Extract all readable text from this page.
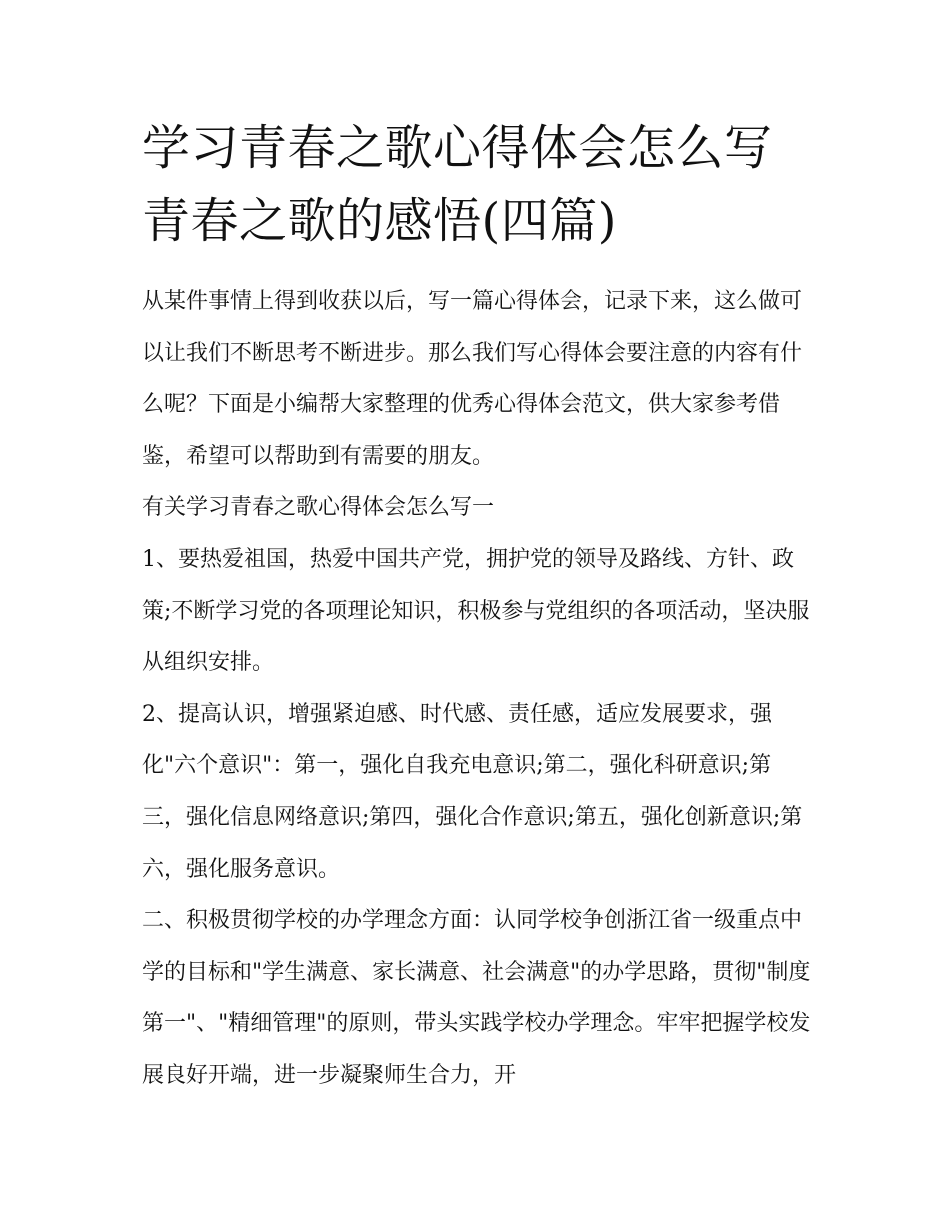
学习青春之歌心得体会怎么写青春之歌的感悟(四篇)

从某件事情上得到收获以后，写一篇心得体会，记录下来，这么做可以让我们不断思考不断进步。那么我们写心得体会要注意的内容有什么呢？下面是小编帮大家整理的优秀心得体会范文，供大家参考借鉴，希望可以帮助到有需要的朋友。

有关学习青春之歌心得体会怎么写一

1、要热爱祖国，热爱中国共产党，拥护党的领导及路线、方针、政策;不断学习党的各项理论知识，积极参与党组织的各项活动，坚决服从组织安排。

2、提高认识，增强紧迫感、时代感、责任感，适应发展要求，强化"六个意识"：第一，强化自我充电意识;第二，强化科研意识;第三，强化信息网络意识;第四，强化合作意识;第五，强化创新意识;第六，强化服务意识。

二、积极贯彻学校的办学理念方面：认同学校争创浙江省一级重点中学的目标和"学生满意、家长满意、社会满意"的办学思路，贯彻"制度第一"、"精细管理"的原则，带头实践学校办学理念。牢牢把握学校发展良好开端，进一步凝聚师生合力，开
